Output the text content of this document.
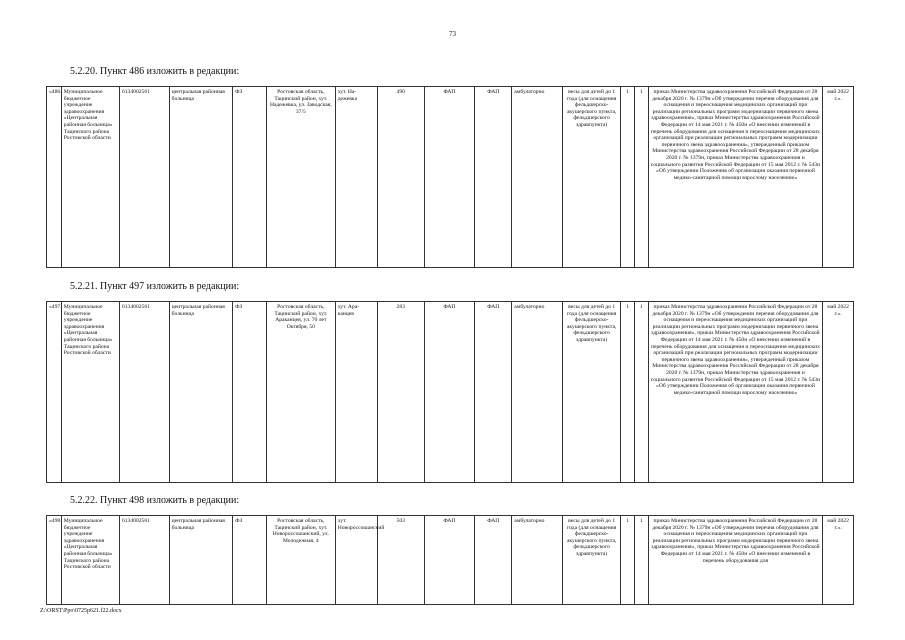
73
5.2.20. Пункт 486 изложить в редакции:
«486.	Муниципальное бюджетное учреждение здравоохранения «Центральная районная больница» Тацинского района Ростовской области	6134002561	центральная районная больница	ФЗ	Ростовская область, Тацинский район, хут. Надежевка, ул. Заводская, 37/5	хут. На-дежевка	490	ФАП	ФАП	амбулаторно	весы для детей до 1 года (для оснащения фельдшерско-акушерского пункта, фельдшерского здравпункта)	1	1	приказ Министерства здравоохранения Российской Федерации от 28 декабря 2020 г. № 1379н «Об утверждении перечня оборудования для оснащения и переоснащения медицинских организаций при реализации региональных программ модернизации первичного звена здравоохранения», приказ Министерства здравоохранения Российской Федерации от 14 мая 2021 г. № 450н «О внесении изменений в перечень оборудования для оснащения и переоснащения медицинских организаций при реализации региональных программ модернизации первичного звена здравоохранения», утвержденный приказом Министерства здравоохранения Российской Федерации от 28 декабря 2020 г. № 1379н, приказ Министерства здравоохранения и социального развития Российской Федерации от 15 мая 2012 г. № 543н «Об утверждении Положения об организации оказания первичной медико-санитарной помощи взрослому населению»	май 2022 г.».
5.2.21. Пункт 497 изложить в редакции:
«497.	Муниципальное бюджетное учреждение здравоохранения «Центральная районная больница» Тацинского района Ростовской области	6134002561	центральная районная больница	ФЗ	Ростовская область, Тацинский район, хут. Араканцев, ул. 70 лет Октября, 50	хут. Ара-канцев	283	ФАП	ФАП	амбулаторно	весы для детей до 1 года (для оснащения фельдшерско-акушерского пункта, фельдшерского здравпункта)	1	1	приказ Министерства здравоохранения Российской Федерации от 28 декабря 2020 г. № 1379н «Об утверждении перечня оборудования для оснащения и переоснащения медицинских организаций при реализации региональных программ модернизации первичного звена здравоохранения», приказ Министерства здравоохранения Российской Федерации от 14 мая 2021 г. № 450н «О внесении изменений в перечень оборудования для оснащения и переоснащения медицинских организаций при реализации региональных программ модернизации первичного звена здравоохранения», утвержденный приказом Министерства здравоохранения Российской Федерации от 28 декабря 2020 г. № 1379н, приказ Министерства здравоохранения и социального развития Российской Федерации от 15 мая 2012 г. № 543н «Об утверждении Положения об организации оказания первичной медико-санитарной помощи взрослому населению»	май 2022 г.».
5.2.22. Пункт 498 изложить в редакции:
«498.	Муниципальное бюджетное учреждение здравоохранения «Центральная районная больница» Тацинского района Ростовской области	6134002561	центральная районная больница	ФЗ	Ростовская область, Тацинский район, хут. Новороссошанский, ул. Молодежная, 4	хут. Новороссошанский	503	ФАП	ФАП	амбулаторно	весы для детей до 1 года (для оснащения фельдшерско-акушерского пункта, фельдшерского здравпункта)	1	1	приказ Министерства здравоохранения Российской Федерации от 28 декабря 2020 г. № 1379н «Об утверждении перечня оборудования для оснащения и переоснащения медицинских организаций при реализации региональных программ модернизации первичного звена здравоохранения», приказ Министерства здравоохранения Российской Федерации от 14 мая 2021 г. № 450н «О внесении изменений в перечень оборудования для	май 2022 г.».
Z:\ORST\Ppo\0725p621.f22.docx
